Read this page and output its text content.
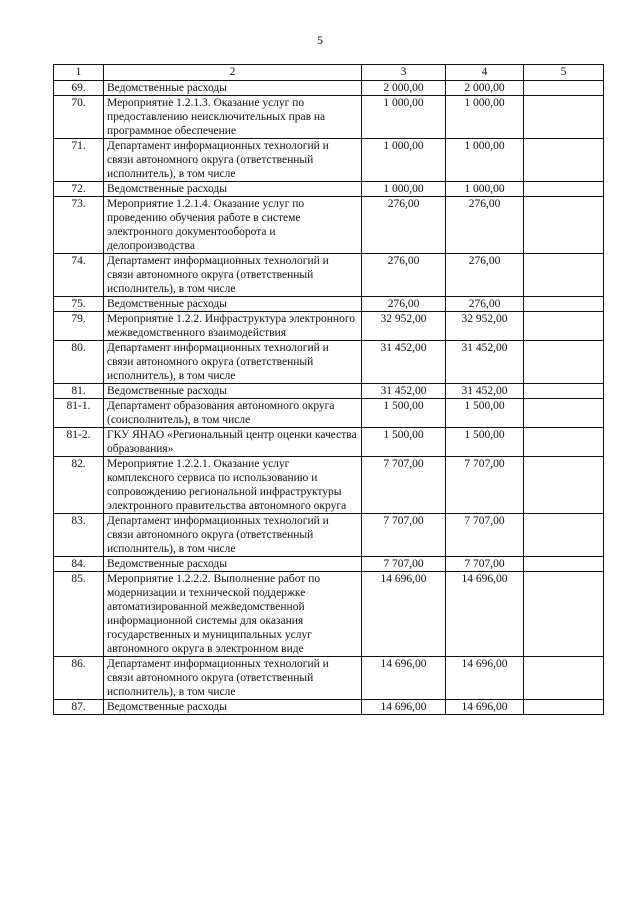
5
1	2	3	4	5
69.	Ведомственные расходы	2 000,00	2 000,00	
70.	Мероприятие 1.2.1.3. Оказание услуг по предоставлению неисключительных прав на программное обеспечение	1 000,00	1 000,00	
71.	Департамент информационных технологий и связи автономного округа (ответственный исполнитель), в том числе	1 000,00	1 000,00	
72.	Ведомственные расходы	1 000,00	1 000,00	
73.	Мероприятие 1.2.1.4. Оказание услуг по проведению обучения работе в системе электронного документооборота и делопроизводства	276,00	276,00	
74.	Департамент информационных технологий и связи автономного округа (ответственный исполнитель), в том числе	276,00	276,00	
75.	Ведомственные расходы	276,00	276,00	
79.	Мероприятие 1.2.2. Инфраструктура электронного межведомственного взаимодействия	32 952,00	32 952,00	
80.	Департамент информационных технологий и связи автономного округа (ответственный исполнитель), в том числе	31 452,00	31 452,00	
81.	Ведомственные расходы	31 452,00	31 452,00	
81-1.	Департамент образования автономного округа (соисполнитель), в том числе	1 500,00	1 500,00	
81-2.	ГКУ ЯНАО «Региональный центр оценки качества образования»	1 500,00	1 500,00	
82.	Мероприятие 1.2.2.1. Оказание услуг комплексного сервиса по использованию и сопровождению региональной инфраструктуры электронного правительства автономного округа	7 707,00	7 707,00	
83.	Департамент информационных технологий и связи автономного округа (ответственный исполнитель), в том числе	7 707,00	7 707,00	
84.	Ведомственные расходы	7 707,00	7 707,00	
85.	Мероприятие 1.2.2.2. Выполнение работ по модернизации и технической поддержке автоматизированной межведомственной информационной системы для оказания государственных и муниципальных услуг автономного округа в электронном виде	14 696,00	14 696,00	
86.	Департамент информационных технологий и связи автономного округа (ответственный исполнитель), в том числе	14 696,00	14 696,00	
87.	Ведомственные расходы	14 696,00	14 696,00	
